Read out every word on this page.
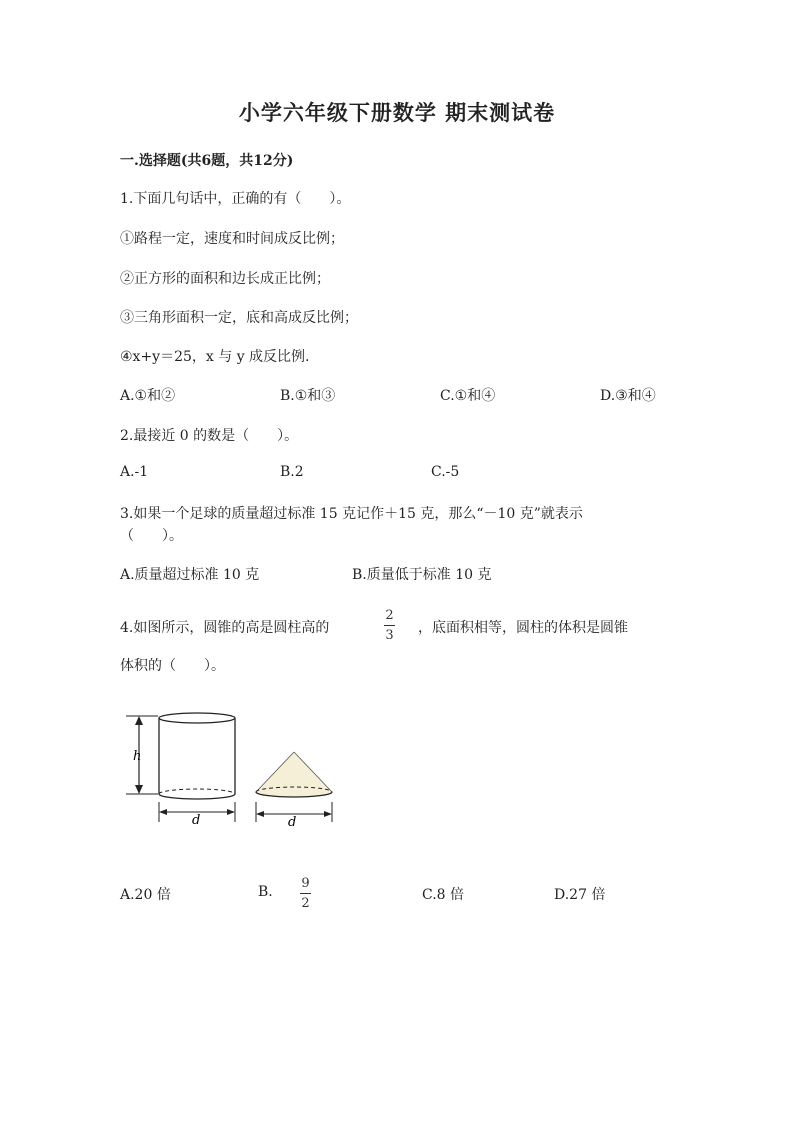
小学六年级下册数学 期末测试卷
一.选择题(共6题，共12分)
1.下面几句话中，正确的有（　　）。
①路程一定，速度和时间成反比例；
②正方形的面积和边长成正比例；
③三角形面积一定，底和高成反比例；
④x+y＝25，x 与 y 成反比例.
A.①和②	B.①和③	C.①和④	D.③和④
2.最接近 0 的数是（　　）。
A.-1	B.2	C.-5
3.如果一个足球的质量超过标准 15 克记作＋15 克，那么“－10 克”就表示
（　　）。
A.质量超过标准 10 克	B.质量低于标准 10 克
4.如图所示，圆锥的高是圆柱高的
2
3 ，底面积相等，圆柱的体积是圆锥
体积的（　　）。
h
d	d
A.20 倍	B.
9
2
C.8 倍	D.27 倍
